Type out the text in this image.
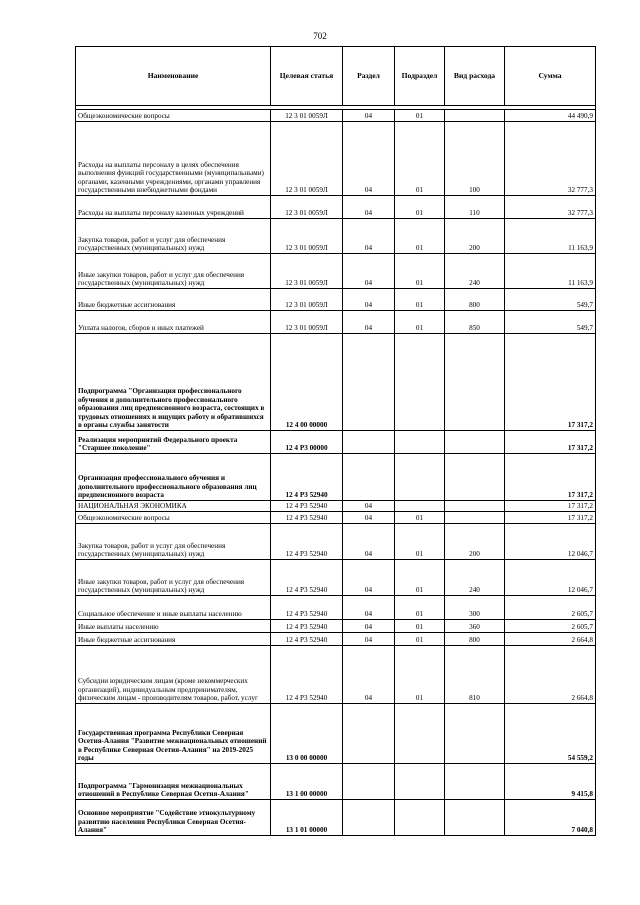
702
Наименование	Целевая статья	Раздел	Подраздел	Вид расхода	Сумма

Общеэкономические вопросы	12 3 01 0059Л	04	01		44 490,9
Расходы на выплаты персоналу в целях обеспечения выполнения функций государственными (муниципальными) органами, казенными учреждениями, органами управления государственными внебюджетными фондами	12 3 01 0059Л	04	01	100	32 777,3
Расходы на выплаты персоналу казенных учреждений	12 3 01 0059Л	04	01	110	32 777,3
Закупка товаров, работ и услуг для обеспечения государственных (муниципальных) нужд	12 3 01 0059Л	04	01	200	11 163,9
Иные закупки товаров, работ и услуг для обеспечения государственных (муниципальных) нужд	12 3 01 0059Л	04	01	240	11 163,9
Иные бюджетные ассигнования	12 3 01 0059Л	04	01	800	549,7
Уплата налогов, сборов и иных платежей	12 3 01 0059Л	04	01	850	549,7
Подпрограмма "Организация профессионального обучения и дополнительного профессионального образования лиц предпенсионного возраста, состоящих в трудовых отношениях и ищущих работу и обратившихся в органы службы занятости	12 4 00 00000				17 317,2
Реализация мероприятий Федерального проекта "Старшее поколение"	12 4 P3 00000				17 317,2
Организация профессионального обучения и дополнительного профессионального образования лиц предпенсионного возраста	12 4 P3 52940				17 317,2
НАЦИОНАЛЬНАЯ ЭКОНОМИКА	12 4 P3 52940	04			17 317,2
Общеэкономические вопросы	12 4 P3 52940	04	01		17 317,2
Закупка товаров, работ и услуг для обеспечения государственных (муниципальных) нужд	12 4 P3 52940	04	01	200	12 046,7
Иные закупки товаров, работ и услуг для обеспечения государственных (муниципальных) нужд	12 4 P3 52940	04	01	240	12 046,7
Социальное обеспечение и иные выплаты населению	12 4 P3 52940	04	01	300	2 605,7
Иные выплаты населению	12 4 P3 52940	04	01	360	2 605,7
Иные бюджетные ассигнования	12 4 P3 52940	04	01	800	2 664,8
Субсидии юридическим лицам (кроме некоммерческих организаций), индивидуальным предпринимателям, физическим лицам - производителям товаров, работ, услуг	12 4 P3 52940	04	01	810	2 664,8
Государственная программа Республики Северная Осетия-Алания "Развитие межнациональных отношений в Республике Северная Осетия-Алания" на 2019-2025 годы	13 0 00 00000				54 559,2
Подпрограмма "Гармонизация межнациональных отношений в Республике Северная Осетия-Алания"	13 1 00 00000				9 415,8
Основное мероприятие "Содействие этнокультурному развитию населения Республики Северная Осетия-Алания"	13 1 01 00000				7 040,8
